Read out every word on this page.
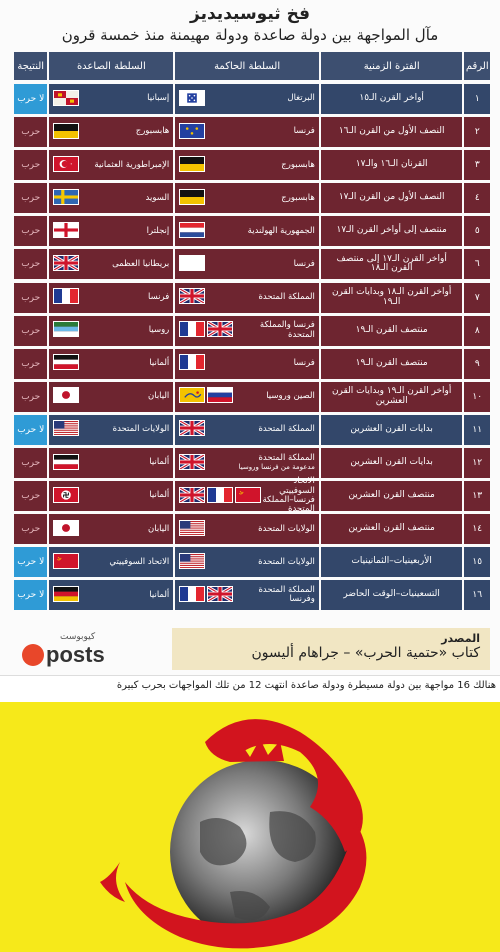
فخ ثيوسيديديز
مآل المواجهة بين دولة صاعدة ودولة مهيمنة منذ خمسة قرون
الرقم
الفترة الزمنية
السلطة الحاكمة
السلطة الصاعدة
النتيجة
١
أواخر القرن الـ١٥
البرتغال
إسبانيا
لا حرب
٢
النصف الأول من القرن الـ١٦
فرنسا
هابسبورج
حرب
٣
القرنان الـ١٦ والـ١٧
هابسبورج
الإمبراطورية العثمانية
حرب
٤
النصف الأول من القرن الـ١٧
هابسبورج
السويد
حرب
٥
منتصف إلى أواخر القرن الـ١٧
الجمهورية الهولندية
إنجلترا
حرب
٦
أواخر القرن الـ١٧ إلى منتصف القرن الـ١٨
فرنسا
بريطانيا العظمى
حرب
٧
أواخر القرن الـ١٨ وبدايات القرن الـ١٩
المملكة المتحدة
فرنسا
حرب
٨
منتصف القرن الـ١٩
فرنسا والمملكة المتحدة
روسيا
حرب
٩
منتصف القرن الـ١٩
فرنسا
ألمانيا
حرب
١٠
أواخر القرن الـ١٩ وبدايات القرن العشرين
الصين وروسيا
اليابان
حرب
١١
بدايات القرن العشرين
المملكة المتحدة
الولايات المتحدة
لا حرب
١٢
بدايات القرن العشرين
المملكة المتحدة
مدعومة من فرنسا وروسيا
ألمانيا
حرب
١٣
منتصف القرن العشرين
الاتحاد السوفييتي فرنسا–المملكة المتحدة
ألمانيا
حرب
١٤
منتصف القرن العشرين
الولايات المتحدة
اليابان
حرب
١٥
الأربعينيات–الثمانينيات
الولايات المتحدة
الاتحاد السوفييتي
لا حرب
١٦
التسعينيات–الوقت الحاضر
المملكة المتحدة وفرنسا
ألمانيا
لا حرب
كيوبوست
posts
المصدر
كتاب «حتمية الحرب» – جراهام أليسون
هنالك 16 مواجهة بين دولة مسيطرة ودولة صاعدة انتهت 12 من تلك المواجهات بحرب كبيرة
